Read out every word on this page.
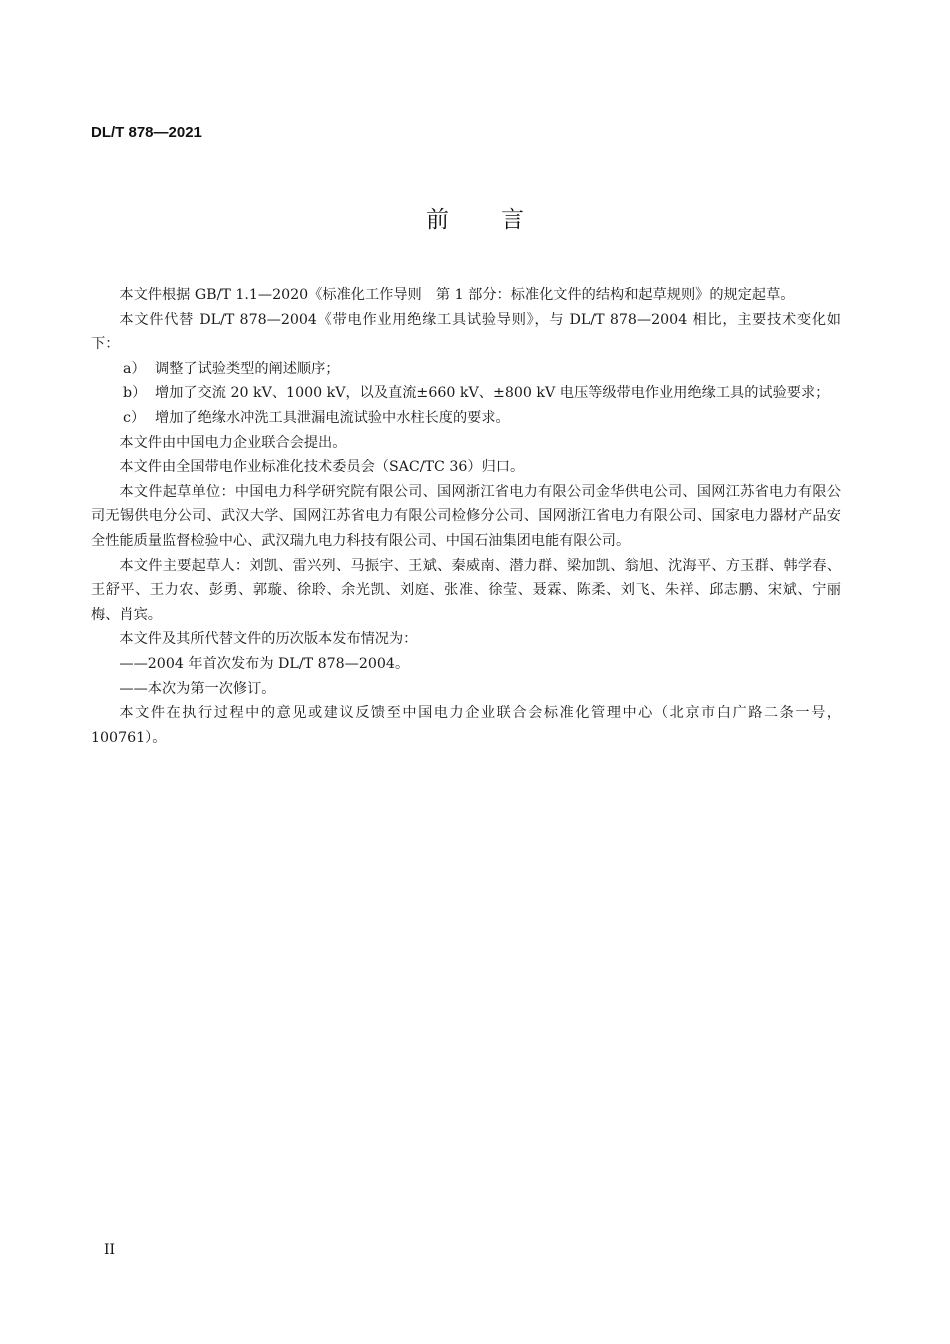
DL/T 878—2021
前言

本文件根据 GB/T 1.1—2020《标准化工作导则　第 1 部分：标准化文件的结构和起草规则》的规定起草。

本文件代替 DL/T 878—2004《带电作业用绝缘工具试验导则》，与 DL/T 878—2004 相比，主要技术变化如下：

a） 调整了试验类型的阐述顺序；

b） 增加了交流 20 kV、1000 kV，以及直流±660 kV、±800 kV 电压等级带电作业用绝缘工具的试验要求；

c） 增加了绝缘水冲洗工具泄漏电流试验中水柱长度的要求。

本文件由中国电力企业联合会提出。

本文件由全国带电作业标准化技术委员会（SAC/TC 36）归口。

本文件起草单位：中国电力科学研究院有限公司、国网浙江省电力有限公司金华供电公司、国网江苏省电力有限公司无锡供电分公司、武汉大学、国网江苏省电力有限公司检修分公司、国网浙江省电力有限公司、国家电力器材产品安全性能质量监督检验中心、武汉瑞九电力科技有限公司、中国石油集团电能有限公司。

本文件主要起草人：刘凯、雷兴列、马振宇、王斌、秦威南、潜力群、梁加凯、翁旭、沈海平、方玉群、韩学春、王舒平、王力农、彭勇、郭璇、徐聆、余光凯、刘庭、张准、徐莹、聂霖、陈柔、刘飞、朱祥、邱志鹏、宋斌、宁丽梅、肖宾。

本文件及其所代替文件的历次版本发布情况为：

——2004 年首次发布为 DL/T 878—2004。

——本次为第一次修订。

本文件在执行过程中的意见或建议反馈至中国电力企业联合会标准化管理中心（北京市白广路二条一号，100761）。

II
